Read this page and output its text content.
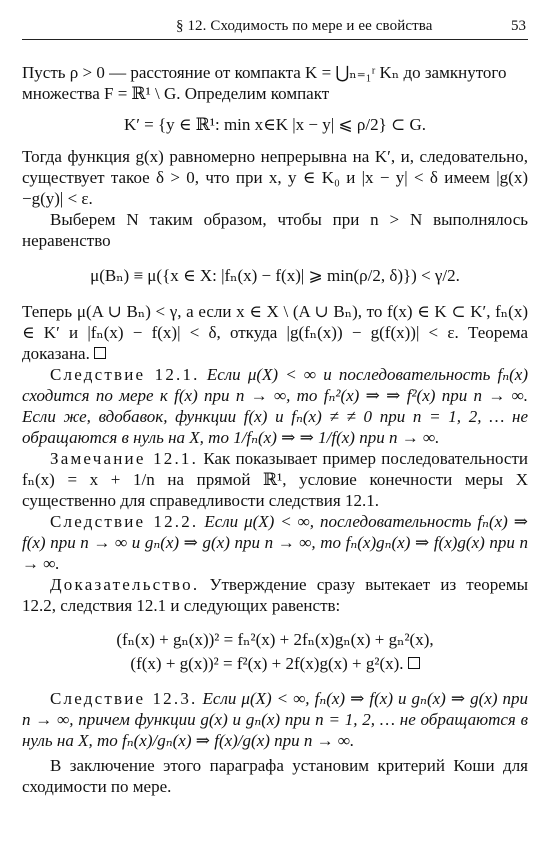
§ 12. Сходимость по мере и ее свойства	53

Пусть ρ > 0 — расстояние от компакта K = ⋃ₙ₌₁ʳ Kₙ до замкнутого

множества F = ℝ¹ \ G. Определим компакт

K′ = {y ∈ ℝ¹: min x∈K |x − y| ⩽ ρ/2} ⊂ G.

Тогда функция g(x) равномерно непрерывна на K′, и, следовательно, существует такое δ > 0, что при x, y ∈ K₀ и |x − y| < δ имеем |g(x)−g(y)| < ε.

Выберем N таким образом, чтобы при n > N выполнялось неравенство

μ(Bₙ) ≡ μ({x ∈ X: |fₙ(x) − f(x)| ⩾ min(ρ/2, δ)}) < γ/2.

Теперь μ(A ∪ Bₙ) < γ, а если x ∈ X \ (A ∪ Bₙ), то f(x) ∈ K ⊂ K′, fₙ(x) ∈ K′ и |fₙ(x) − f(x)| < δ, откуда |g(fₙ(x)) − g(f(x))| < ε. Теорема доказана.

Следствие 12.1. Если μ(X) < ∞ и последовательность fₙ(x) сходится по мере к f(x) при n → ∞, то fₙ²(x) ⇒ ⇒ f²(x) при n → ∞. Если же, вдобавок, функции f(x) и fₙ(x) ≠ ≠ 0 при n = 1, 2, … не обращаются в нуль на X, то 1/fₙ(x) ⇒ ⇒ 1/f(x) при n → ∞.

Замечание 12.1. Как показывает пример последовательности fₙ(x) = x + 1/n на прямой ℝ¹, условие конечности меры X существенно для справедливости следствия 12.1.

Следствие 12.2. Если μ(X) < ∞, последовательность fₙ(x) ⇒ f(x) при n → ∞ и gₙ(x) ⇒ g(x) при n → ∞, то fₙ(x)gₙ(x) ⇒ f(x)g(x) при n → ∞.

Доказательство. Утверждение сразу вытекает из теоремы 12.2, следствия 12.1 и следующих равенств:

(fₙ(x) + gₙ(x))² = fₙ²(x) + 2fₙ(x)gₙ(x) + gₙ²(x),
(f(x) + g(x))² = f²(x) + 2f(x)g(x) + g²(x).

Следствие 12.3. Если μ(X) < ∞, fₙ(x) ⇒ f(x) и gₙ(x) ⇒ g(x) при n → ∞, причем функции g(x) и gₙ(x) при n = 1, 2, … не обращаются в нуль на X, то fₙ(x)/gₙ(x) ⇒ f(x)/g(x) при n → ∞.

В заключение этого параграфа установим критерий Коши для сходимости по мере.
